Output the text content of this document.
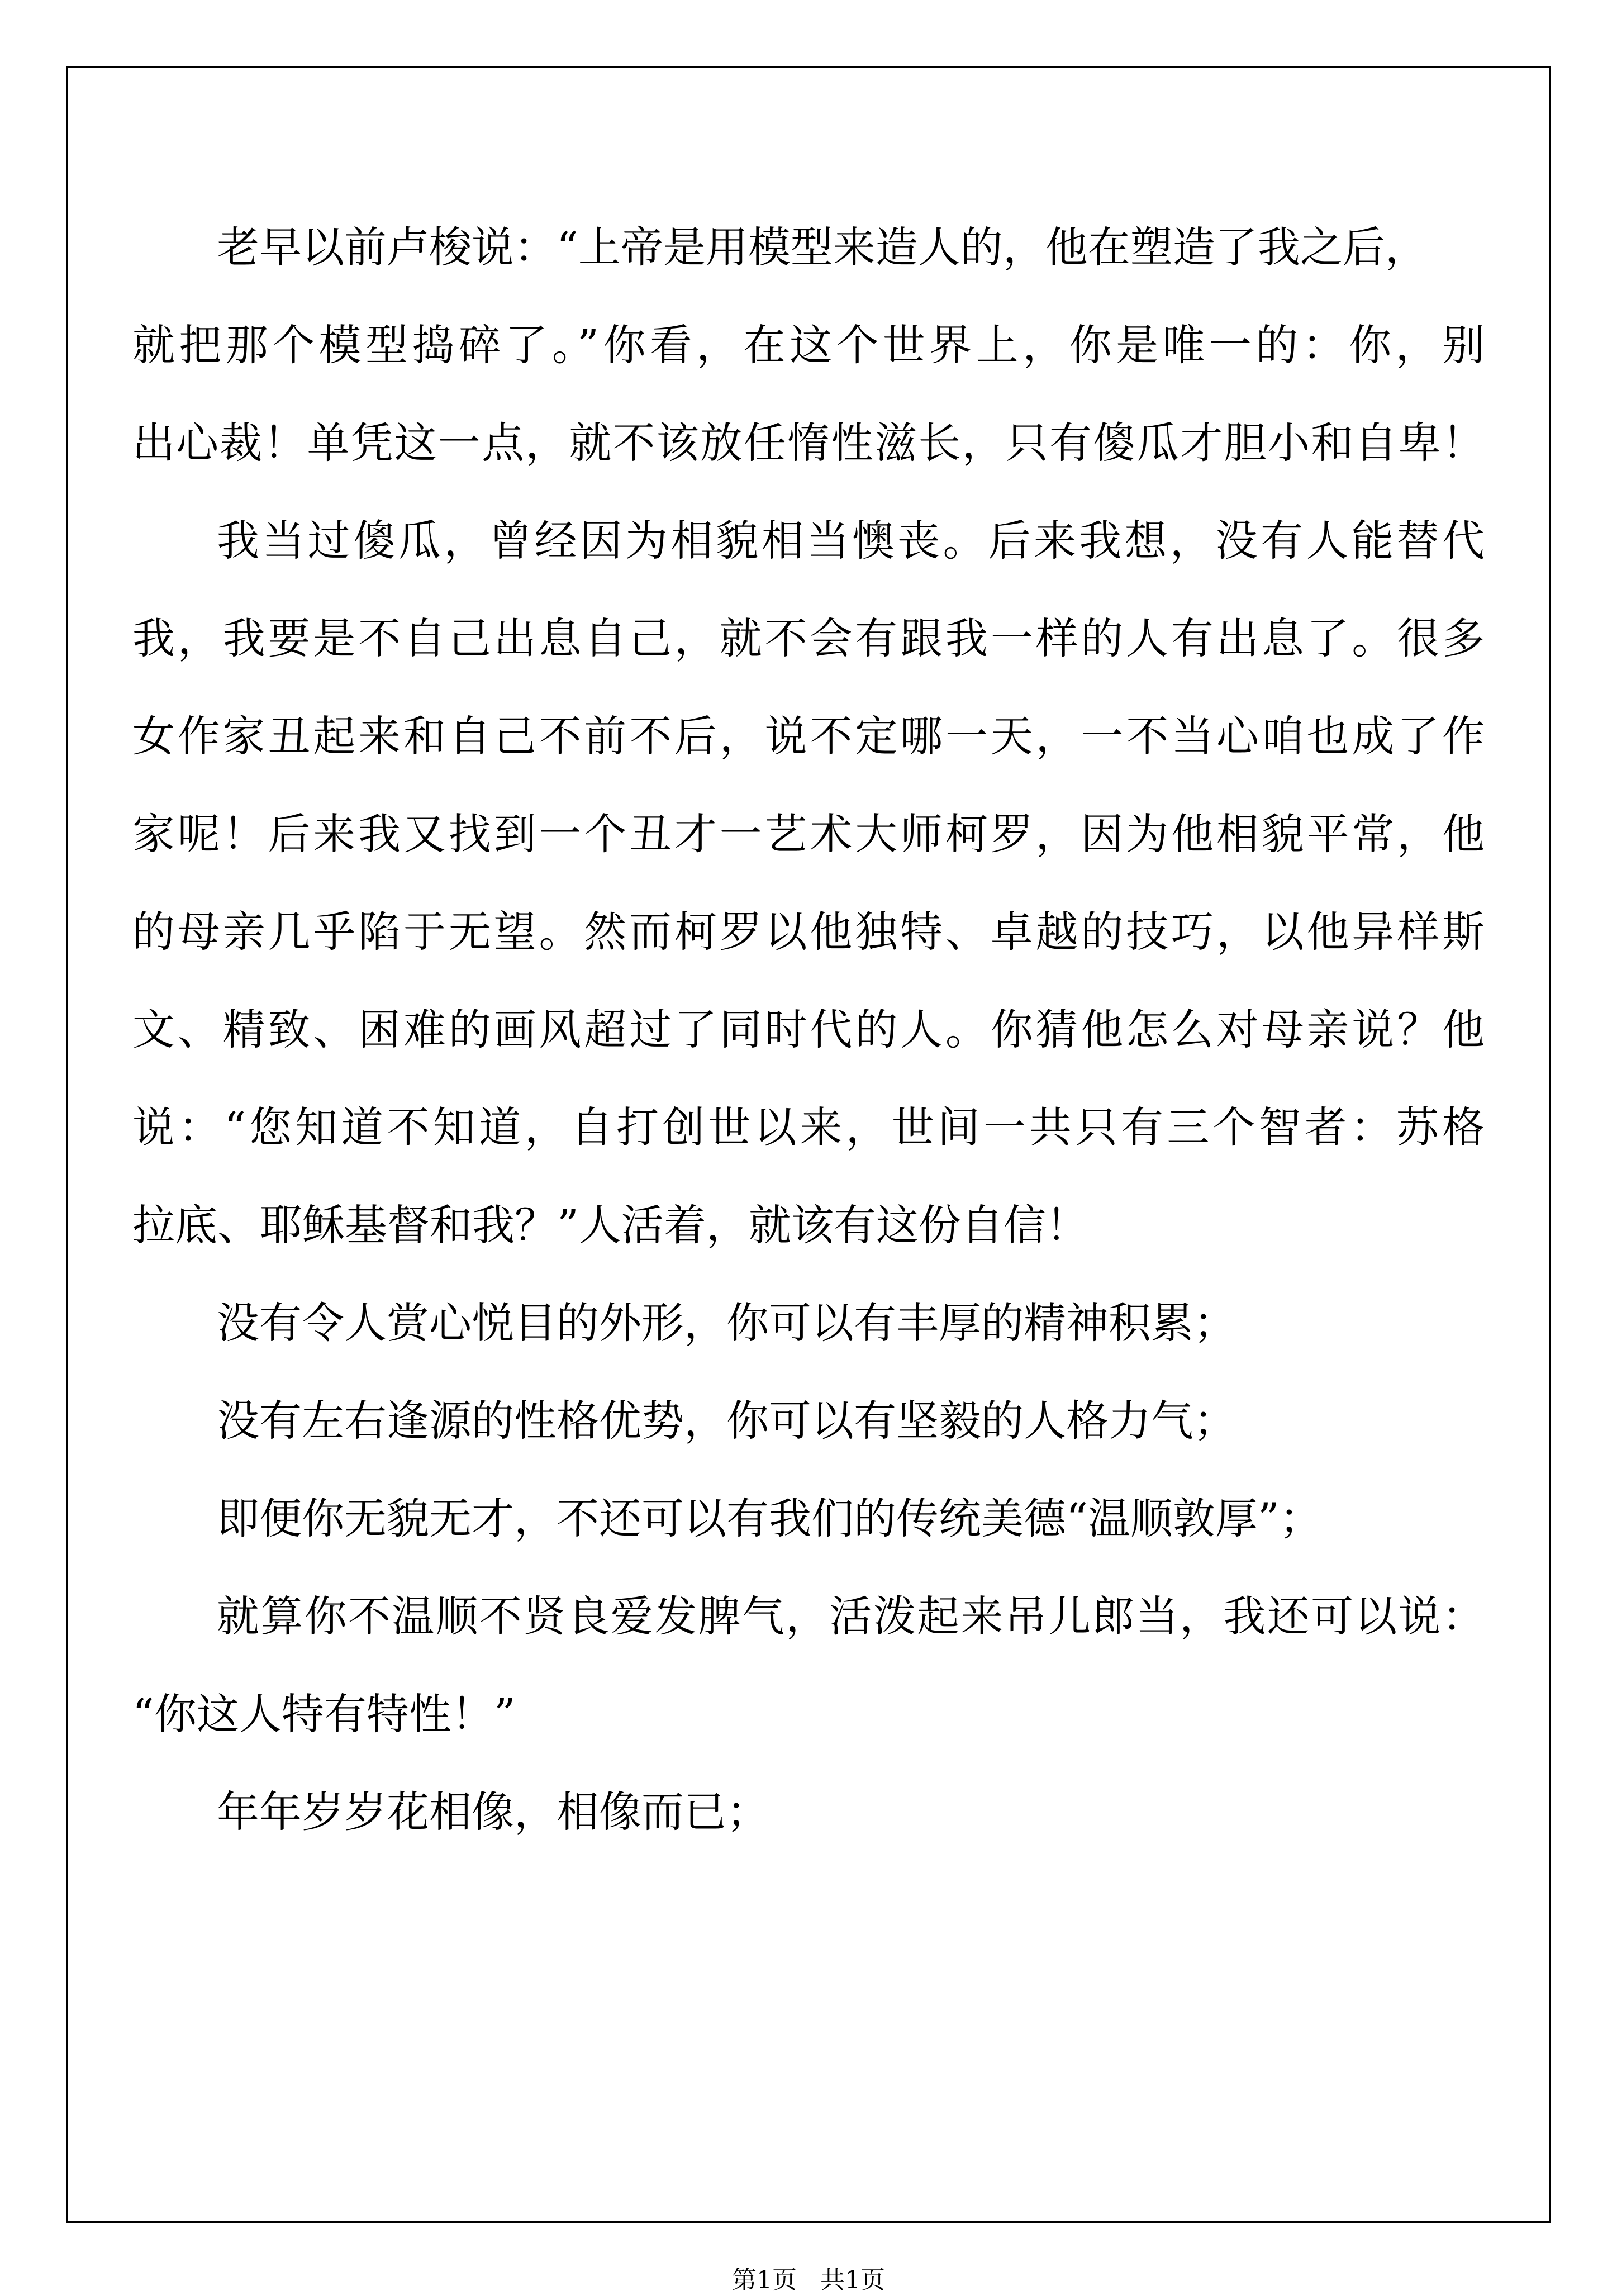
老早以前卢梭说：“上帝是用模型来造人的，他在塑造了我之后，
就把那个模型捣碎了。”你看，在这个世界上，你是唯一的：你，别
出心裁！单凭这一点，就不该放任惰性滋长，只有傻瓜才胆小和自卑！
我当过傻瓜，曾经因为相貌相当懊丧。后来我想，没有人能替代
我，我要是不自己出息自己，就不会有跟我一样的人有出息了。很多
女作家丑起来和自己不前不后，说不定哪一天，一不当心咱也成了作
家呢！后来我又找到一个丑才一艺术大师柯罗，因为他相貌平常，他
的母亲几乎陷于无望。然而柯罗以他独特、卓越的技巧，以他异样斯
文、精致、困难的画风超过了同时代的人。你猜他怎么对母亲说？他
说：“您知道不知道，自打创世以来，世间一共只有三个智者：苏格
拉底、耶稣基督和我？”人活着，就该有这份自信！
没有令人赏心悦目的外形，你可以有丰厚的精神积累；
没有左右逢源的性格优势，你可以有坚毅的人格力气；
即便你无貌无才，不还可以有我们的传统美德“温顺敦厚”；
就算你不温顺不贤良爱发脾气，活泼起来吊儿郎当，我还可以说：
“你这人特有特性！”
年年岁岁花相像，相像而已；
第1页 共1页
